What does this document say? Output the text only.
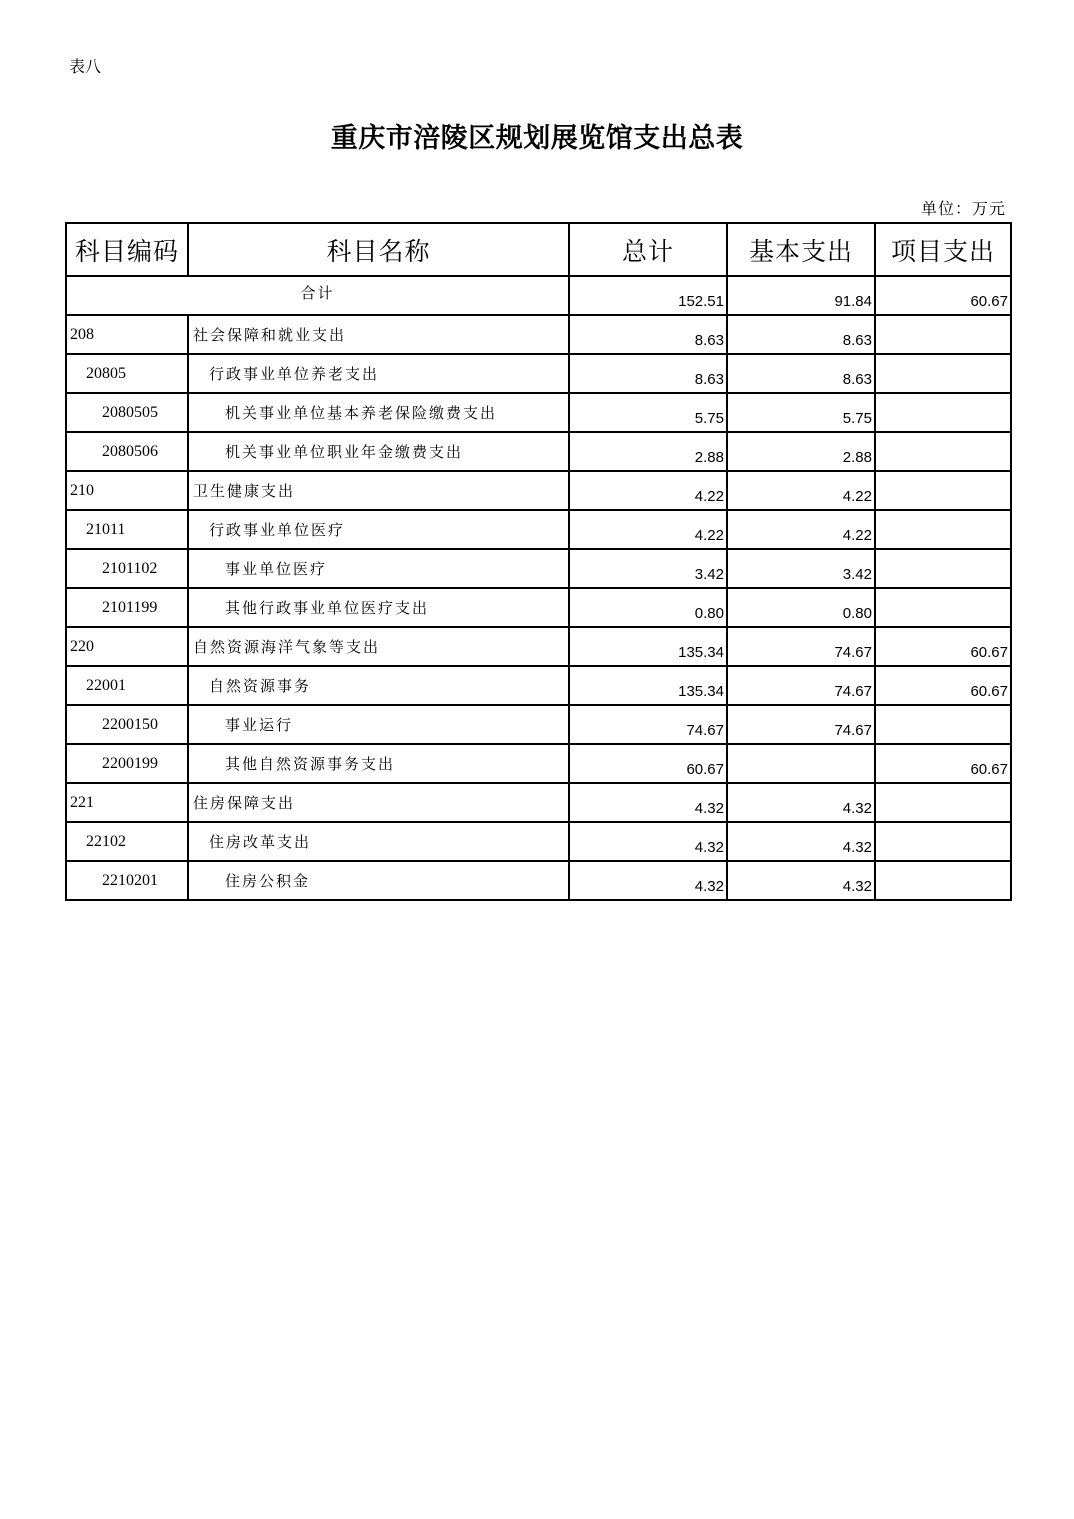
表八
重庆市涪陵区规划展览馆支出总表
单位：万元
科目编码	科目名称	总计	基本支出	项目支出
合计		152.51	91.84	60.67
208	社会保障和就业支出	8.63	8.63	
20805	行政事业单位养老支出	8.63	8.63	
2080505	机关事业单位基本养老保险缴费支出	5.75	5.75	
2080506	机关事业单位职业年金缴费支出	2.88	2.88	
210	卫生健康支出	4.22	4.22	
21011	行政事业单位医疗	4.22	4.22	
2101102	事业单位医疗	3.42	3.42	
2101199	其他行政事业单位医疗支出	0.80	0.80	
220	自然资源海洋气象等支出	135.34	74.67	60.67
22001	自然资源事务	135.34	74.67	60.67
2200150	事业运行	74.67	74.67	
2200199	其他自然资源事务支出	60.67		60.67
221	住房保障支出	4.32	4.32	
22102	住房改革支出	4.32	4.32	
2210201	住房公积金	4.32	4.32	
